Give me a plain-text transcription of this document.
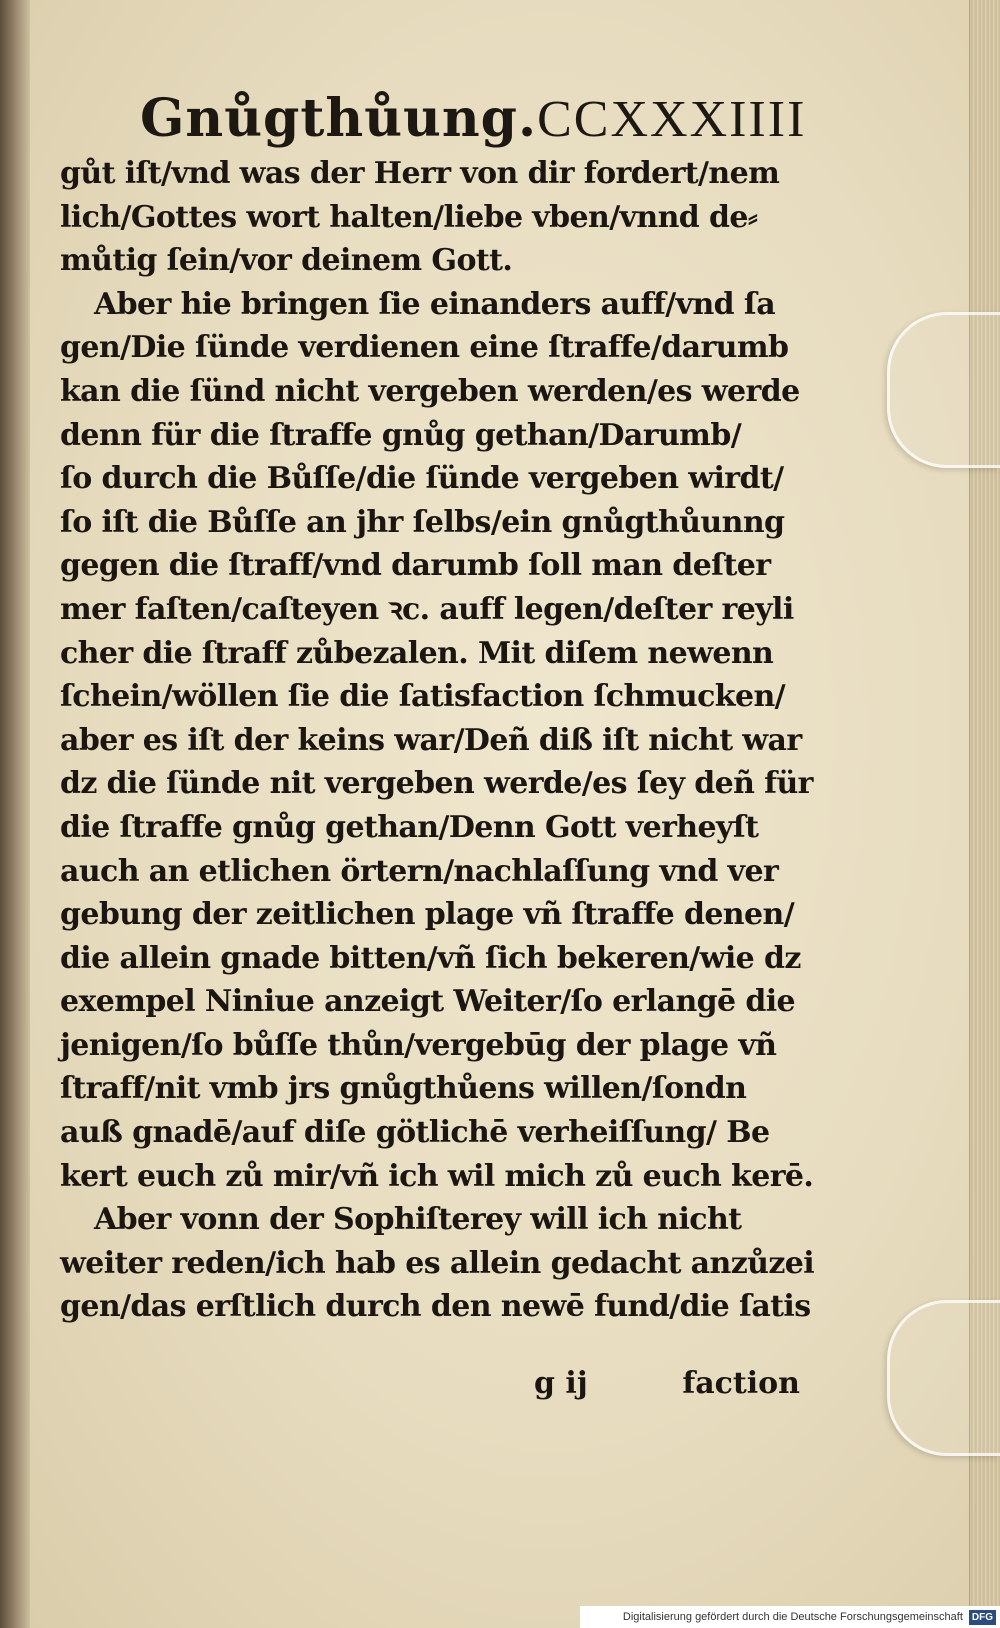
Gnůgthůung. CCXXXIIII
gůt iſt/vnd was der Herr von dir fordert/nem
lich/Gottes wort halten/liebe vben/vnnd de⸗
můtig ſein/vor deinem Gott.
Aber hie bringen ſie einanders auff/vnd ſa
gen/Die ſünde verdienen eine ſtraffe/darumb
kan die ſünd nicht vergeben werden/es werde
denn für die ſtraffe gnůg gethan/Darumb/
ſo durch die Bůſſe/die ſünde vergeben wirdt/
ſo iſt die Bůſſe an jhr ſelbs/ein gnůgthůunng
gegen die ſtraff/vnd darumb ſoll man deſter
mer faſten/caſteyen ꝛc. auff legen/deſter reyli
cher die ſtraff zůbezalen. Mit diſem newenn
ſchein/wöllen ſie die ſatisfaction ſchmucken/
aber es iſt der keins war/Deñ diß iſt nicht war
dz die ſünde nit vergeben werde/es ſey deñ für
die ſtraffe gnůg gethan/Denn Gott verheyſt
auch an etlichen örtern/nachlaſſung vnd ver
gebung der zeitlichen plage vñ ſtraffe denen/
die allein gnade bitten/vñ ſich bekeren/wie dz
exempel Niniue anzeigt Weiter/ſo erlangē die
jenigen/ſo bůſſe thůn/vergebūg der plage vñ
ſtraff/nit vmb jrs gnůgthůens willen/ſondn
auß gnadē/auf diſe götlichē verheiſſung/ Be
kert euch zů mir/vñ ich wil mich zů euch kerē.
Aber vonn der Sophiſterey will ich nicht
weiter reden/ich hab es allein gedacht anzůzei
gen/das erſtlich durch den newē fund/die ſatis
g ij	faction
Digitalisierung gefördert durch die Deutsche Forschungsgemeinschaft DFG
